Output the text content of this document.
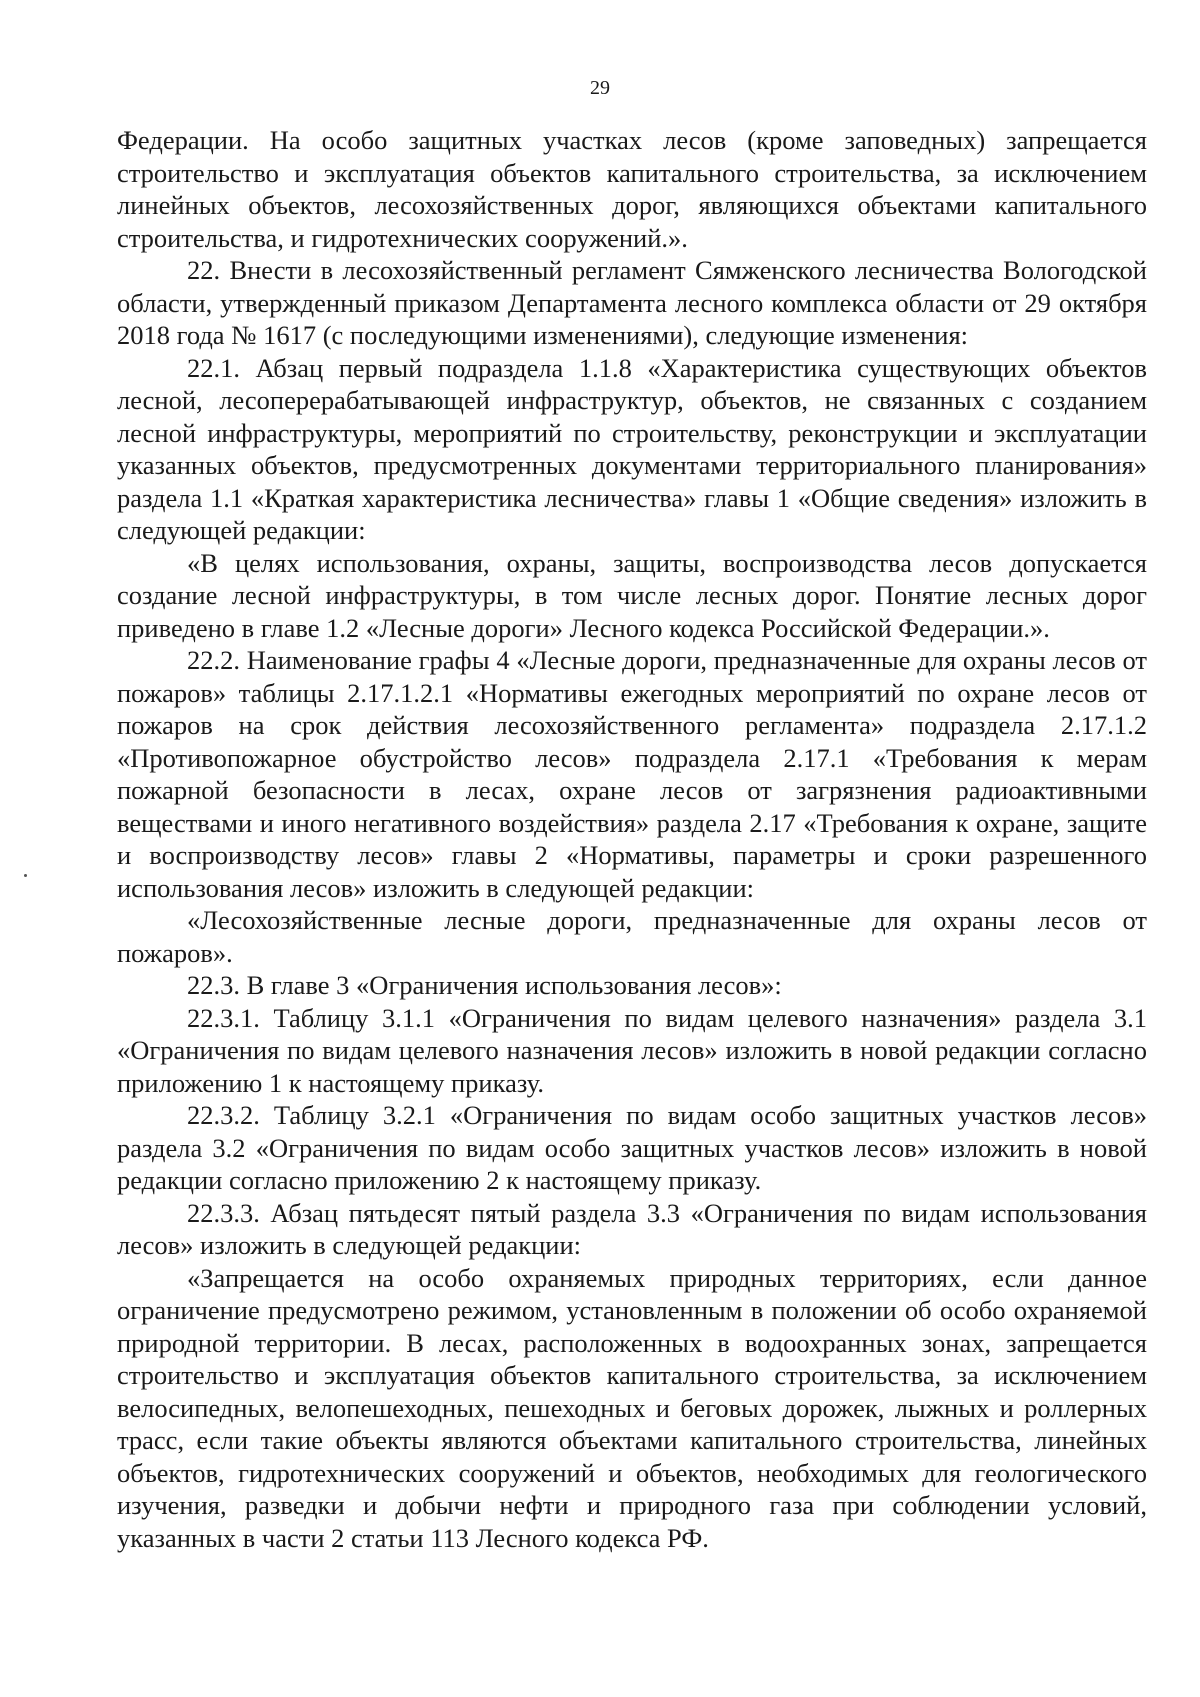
29

Федерации. На особо защитных участках лесов (кроме заповедных) запрещается строительство и эксплуатация объектов капитального строительства, за исключением линейных объектов, лесохозяйственных дорог, являющихся объектами капитального строительства, и гидротехнических сооружений.».

22. Внести в лесохозяйственный регламент Сямженского лесничества Вологодской области, утвержденный приказом Департамента лесного комплекса области от 29 октября 2018 года № 1617 (с последующими изменениями), следующие изменения:

22.1. Абзац первый подраздела 1.1.8 «Характеристика существующих объектов лесной, лесоперерабатывающей инфраструктур, объектов, не связанных с созданием лесной инфраструктуры, мероприятий по строительству, реконструкции и эксплуатации указанных объектов, предусмотренных документами территориального планирования» раздела 1.1 «Краткая характеристика лесничества» главы 1 «Общие сведения» изложить в следующей редакции:

«В целях использования, охраны, защиты, воспроизводства лесов допускается создание лесной инфраструктуры, в том числе лесных дорог. Понятие лесных дорог приведено в главе 1.2 «Лесные дороги» Лесного кодекса Российской Федерации.».

22.2. Наименование графы 4 «Лесные дороги, предназначенные для охраны лесов от пожаров» таблицы 2.17.1.2.1 «Нормативы ежегодных мероприятий по охране лесов от пожаров на срок действия лесохозяйственного регламента» подраздела 2.17.1.2 «Противопожарное обустройство лесов» подраздела 2.17.1 «Требования к мерам пожарной безопасности в лесах, охране лесов от загрязнения радиоактивными веществами и иного негативного воздействия» раздела 2.17 «Требования к охране, защите и воспроизводству лесов» главы 2 «Нормативы, параметры и сроки разрешенного использования лесов» изложить в следующей редакции:

«Лесохозяйственные лесные дороги, предназначенные для охраны лесов от пожаров».

22.3. В главе 3 «Ограничения использования лесов»:

22.3.1. Таблицу 3.1.1 «Ограничения по видам целевого назначения» раздела 3.1 «Ограничения по видам целевого назначения лесов» изложить в новой редакции согласно приложению 1 к настоящему приказу.

22.3.2. Таблицу 3.2.1 «Ограничения по видам особо защитных участков лесов» раздела 3.2 «Ограничения по видам особо защитных участков лесов» изложить в новой редакции согласно приложению 2 к настоящему приказу.

22.3.3. Абзац пятьдесят пятый раздела 3.3 «Ограничения по видам использования лесов» изложить в следующей редакции:

«Запрещается на особо охраняемых природных территориях, если данное ограничение предусмотрено режимом, установленным в положении об особо охраняемой природной территории. В лесах, расположенных в водоохранных зонах, запрещается строительство и эксплуатация объектов капитального строительства, за исключением велосипедных, велопешеходных, пешеходных и беговых дорожек, лыжных и роллерных трасс, если такие объекты являются объектами капитального строительства, линейных объектов, гидротехнических сооружений и объектов, необходимых для геологического изучения, разведки и добычи нефти и природного газа при соблюдении условий, указанных в части 2 статьи 113 Лесного кодекса РФ.
